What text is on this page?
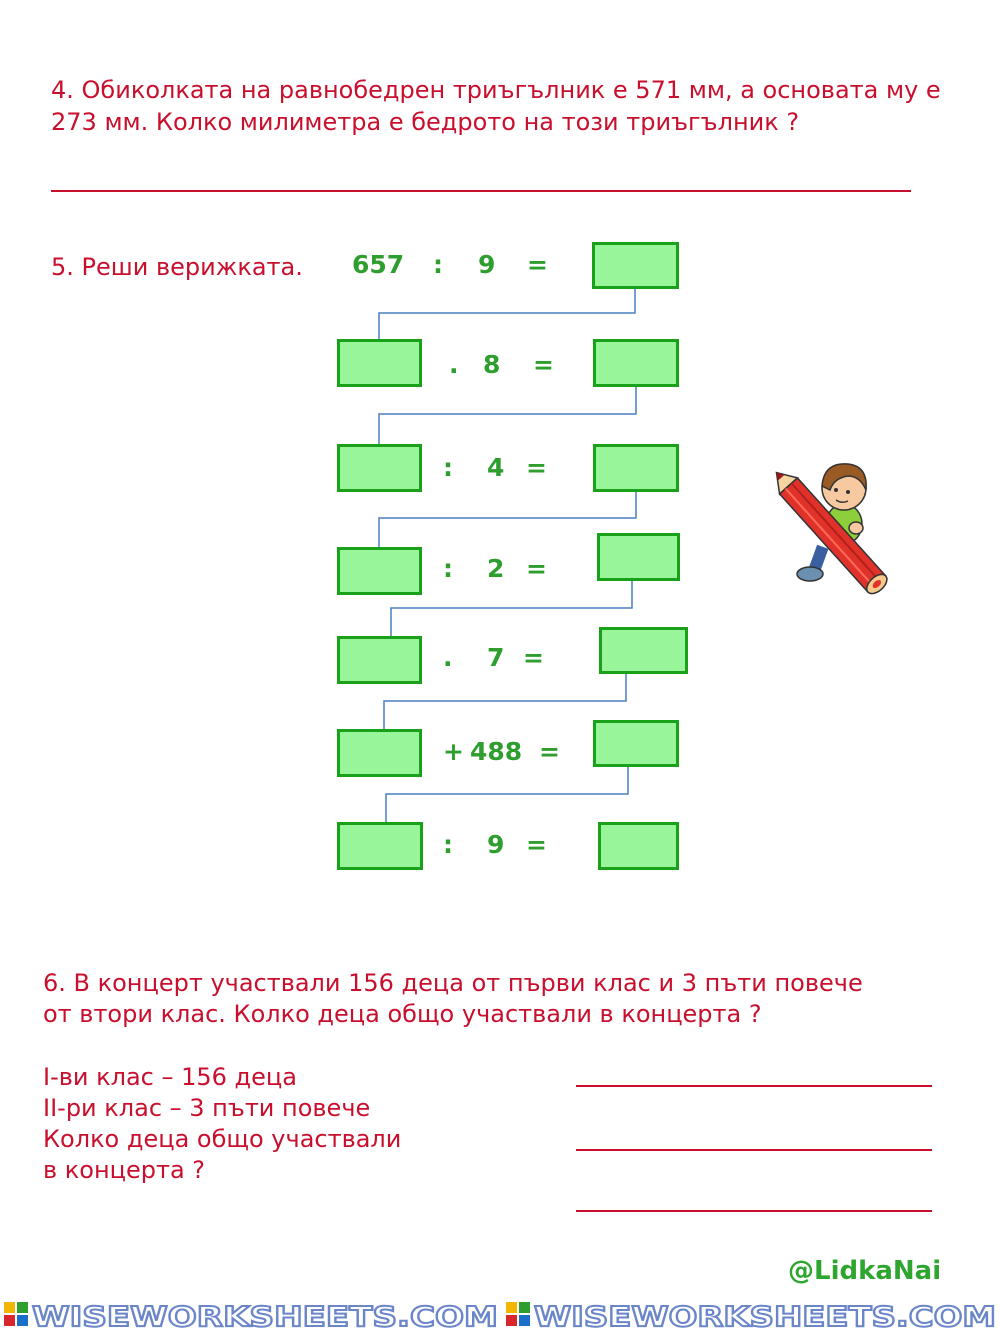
4. Обиколката на равнобедрен триъгълник е 571 мм, а основата му е
273 мм. Колко милиметра е бедрото на този триъгълник ?
5. Реши верижката. 657 : 9 =
. 8 =
: 4 =
: 2 =
. 7 =
+ 488 =
: 9 =
6. В концерт участвали 156 деца от първи клас и 3 пъти повече
от втори клас. Колко деца общо участвали в концерта ?
I-ви клас – 156 деца
II-ри клас – 3 пъти повече
Колко деца общо участвали
в концерта ?
@LidkaNai
WISEWORKSHEETS.COM WISEWORKSHEETS.COM
